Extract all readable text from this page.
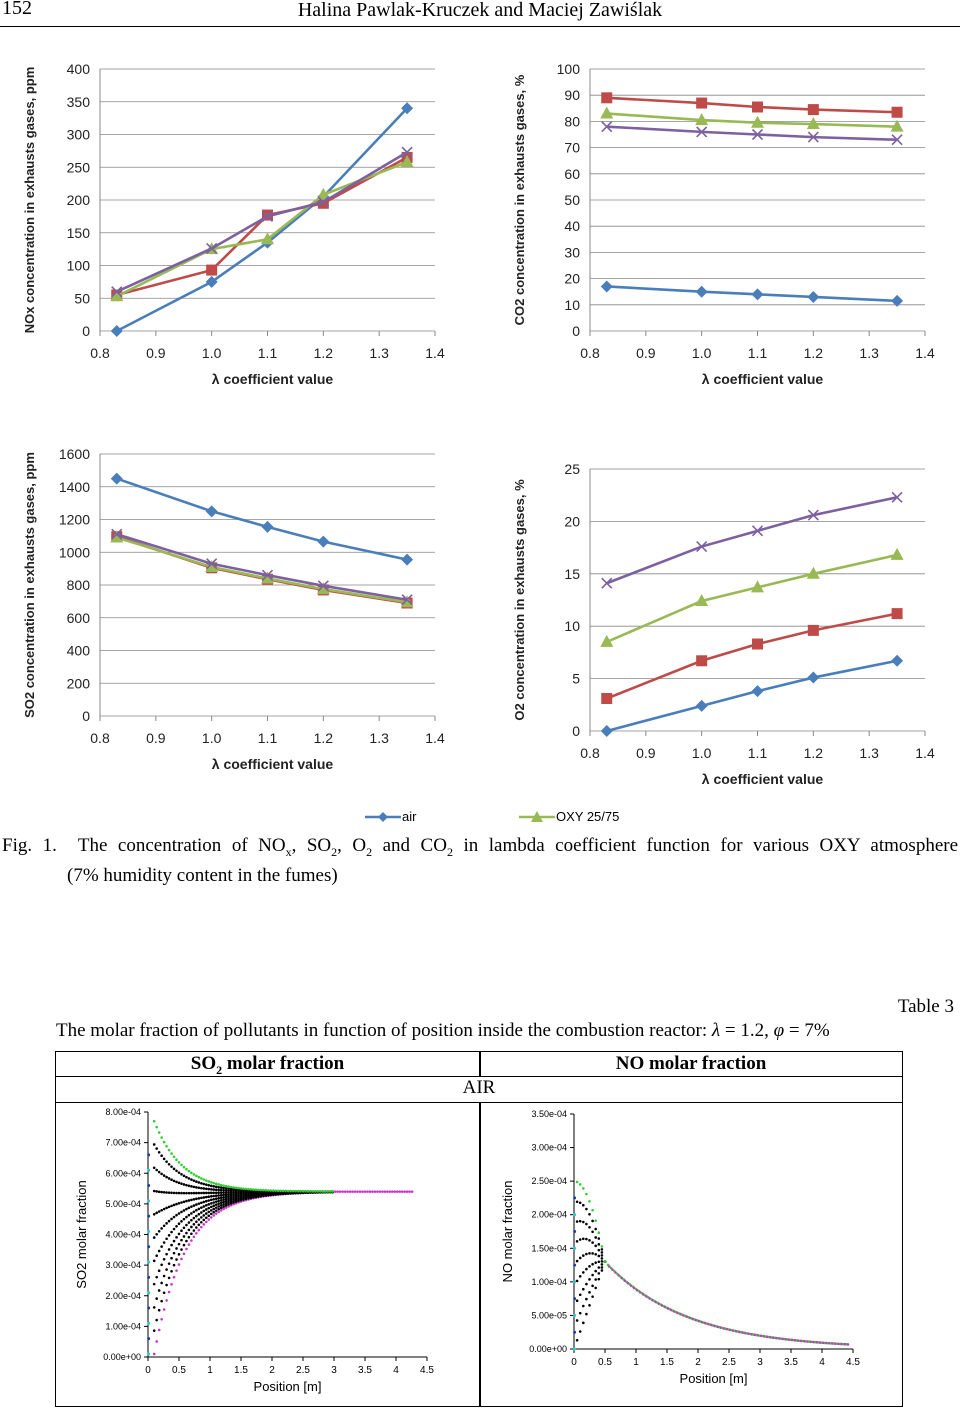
152	Halina Pawlak-Kruczek and Maciej Zawiślak
0
50
100
150
200
250
300
350
400
0.8	0.9	1.0	1.1	1.2	1.3	1.4
λ coefficient value
NOx concentration in exhausts gases, ppm	0
10
20
30
40
50
60
70
80
90
100
0.8	0.9	1.0	1.1	1.2	1.3	1.4
λ coefficient value
CO2 concentration in exhausts gases, %
0
200
400
600
800
1000
1200
1400
1600
0.8	0.9	1.0	1.1	1.2	1.3	1.4
λ coefficient value
SO2 concentration in exhausts gases, ppm
0
5
10
15
20
25
0.8	0.9	1.0	1.1	1.2	1.3	1.4
λ coefficient value
O2 concentration in exhausts gases, %
air	OXY 25/75

Fig. 1. The concentration of $NO_x$, $SO_2$, $O_2$ and $CO_2$ in lambda coefficient function for various OXY atmosphere

(7% humidity content in the fumes)

Table 3
The molar fraction of pollutants in function of position inside the combustion reactor: λ = 1.2, φ = 7%
$SO_2$ molar fraction	NO molar fraction
AIR
0.00e+00
1.00e-04
2.00e-04
3.00e-04
4.00e-04
5.00e-04
6.00e-04
7.00e-04
8.00e-04
0 0.5 1 1.5 2 2.5 3 3.5 4 4.5
Position [m]
SO2 molar fraction
0.00e+00
5.00e-05
1.00e-04
1.50e-04
2.00e-04
2.50e-04
3.00e-04
3.50e-04
0 0.5 1 1.5 2 2.5 3 3.5 4 4.5
Position [m]
NO molar fraction
